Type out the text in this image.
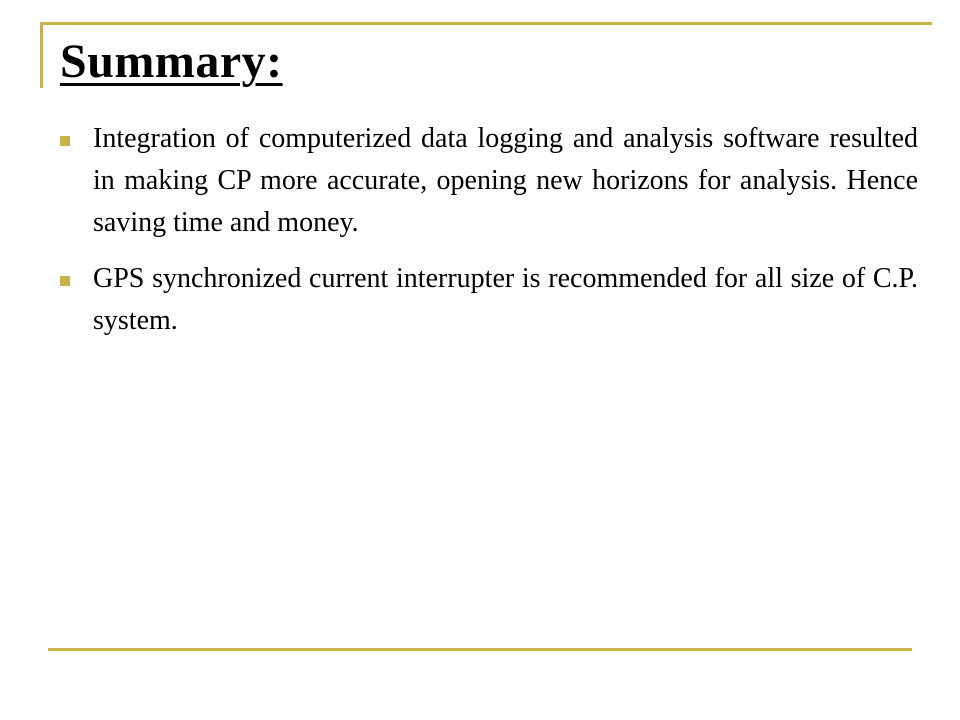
Summary:
Integration of computerized data logging and analysis software resulted in making CP more accurate, opening new horizons for analysis. Hence saving time and money.
GPS synchronized current interrupter is recommended for all size of C.P. system.
